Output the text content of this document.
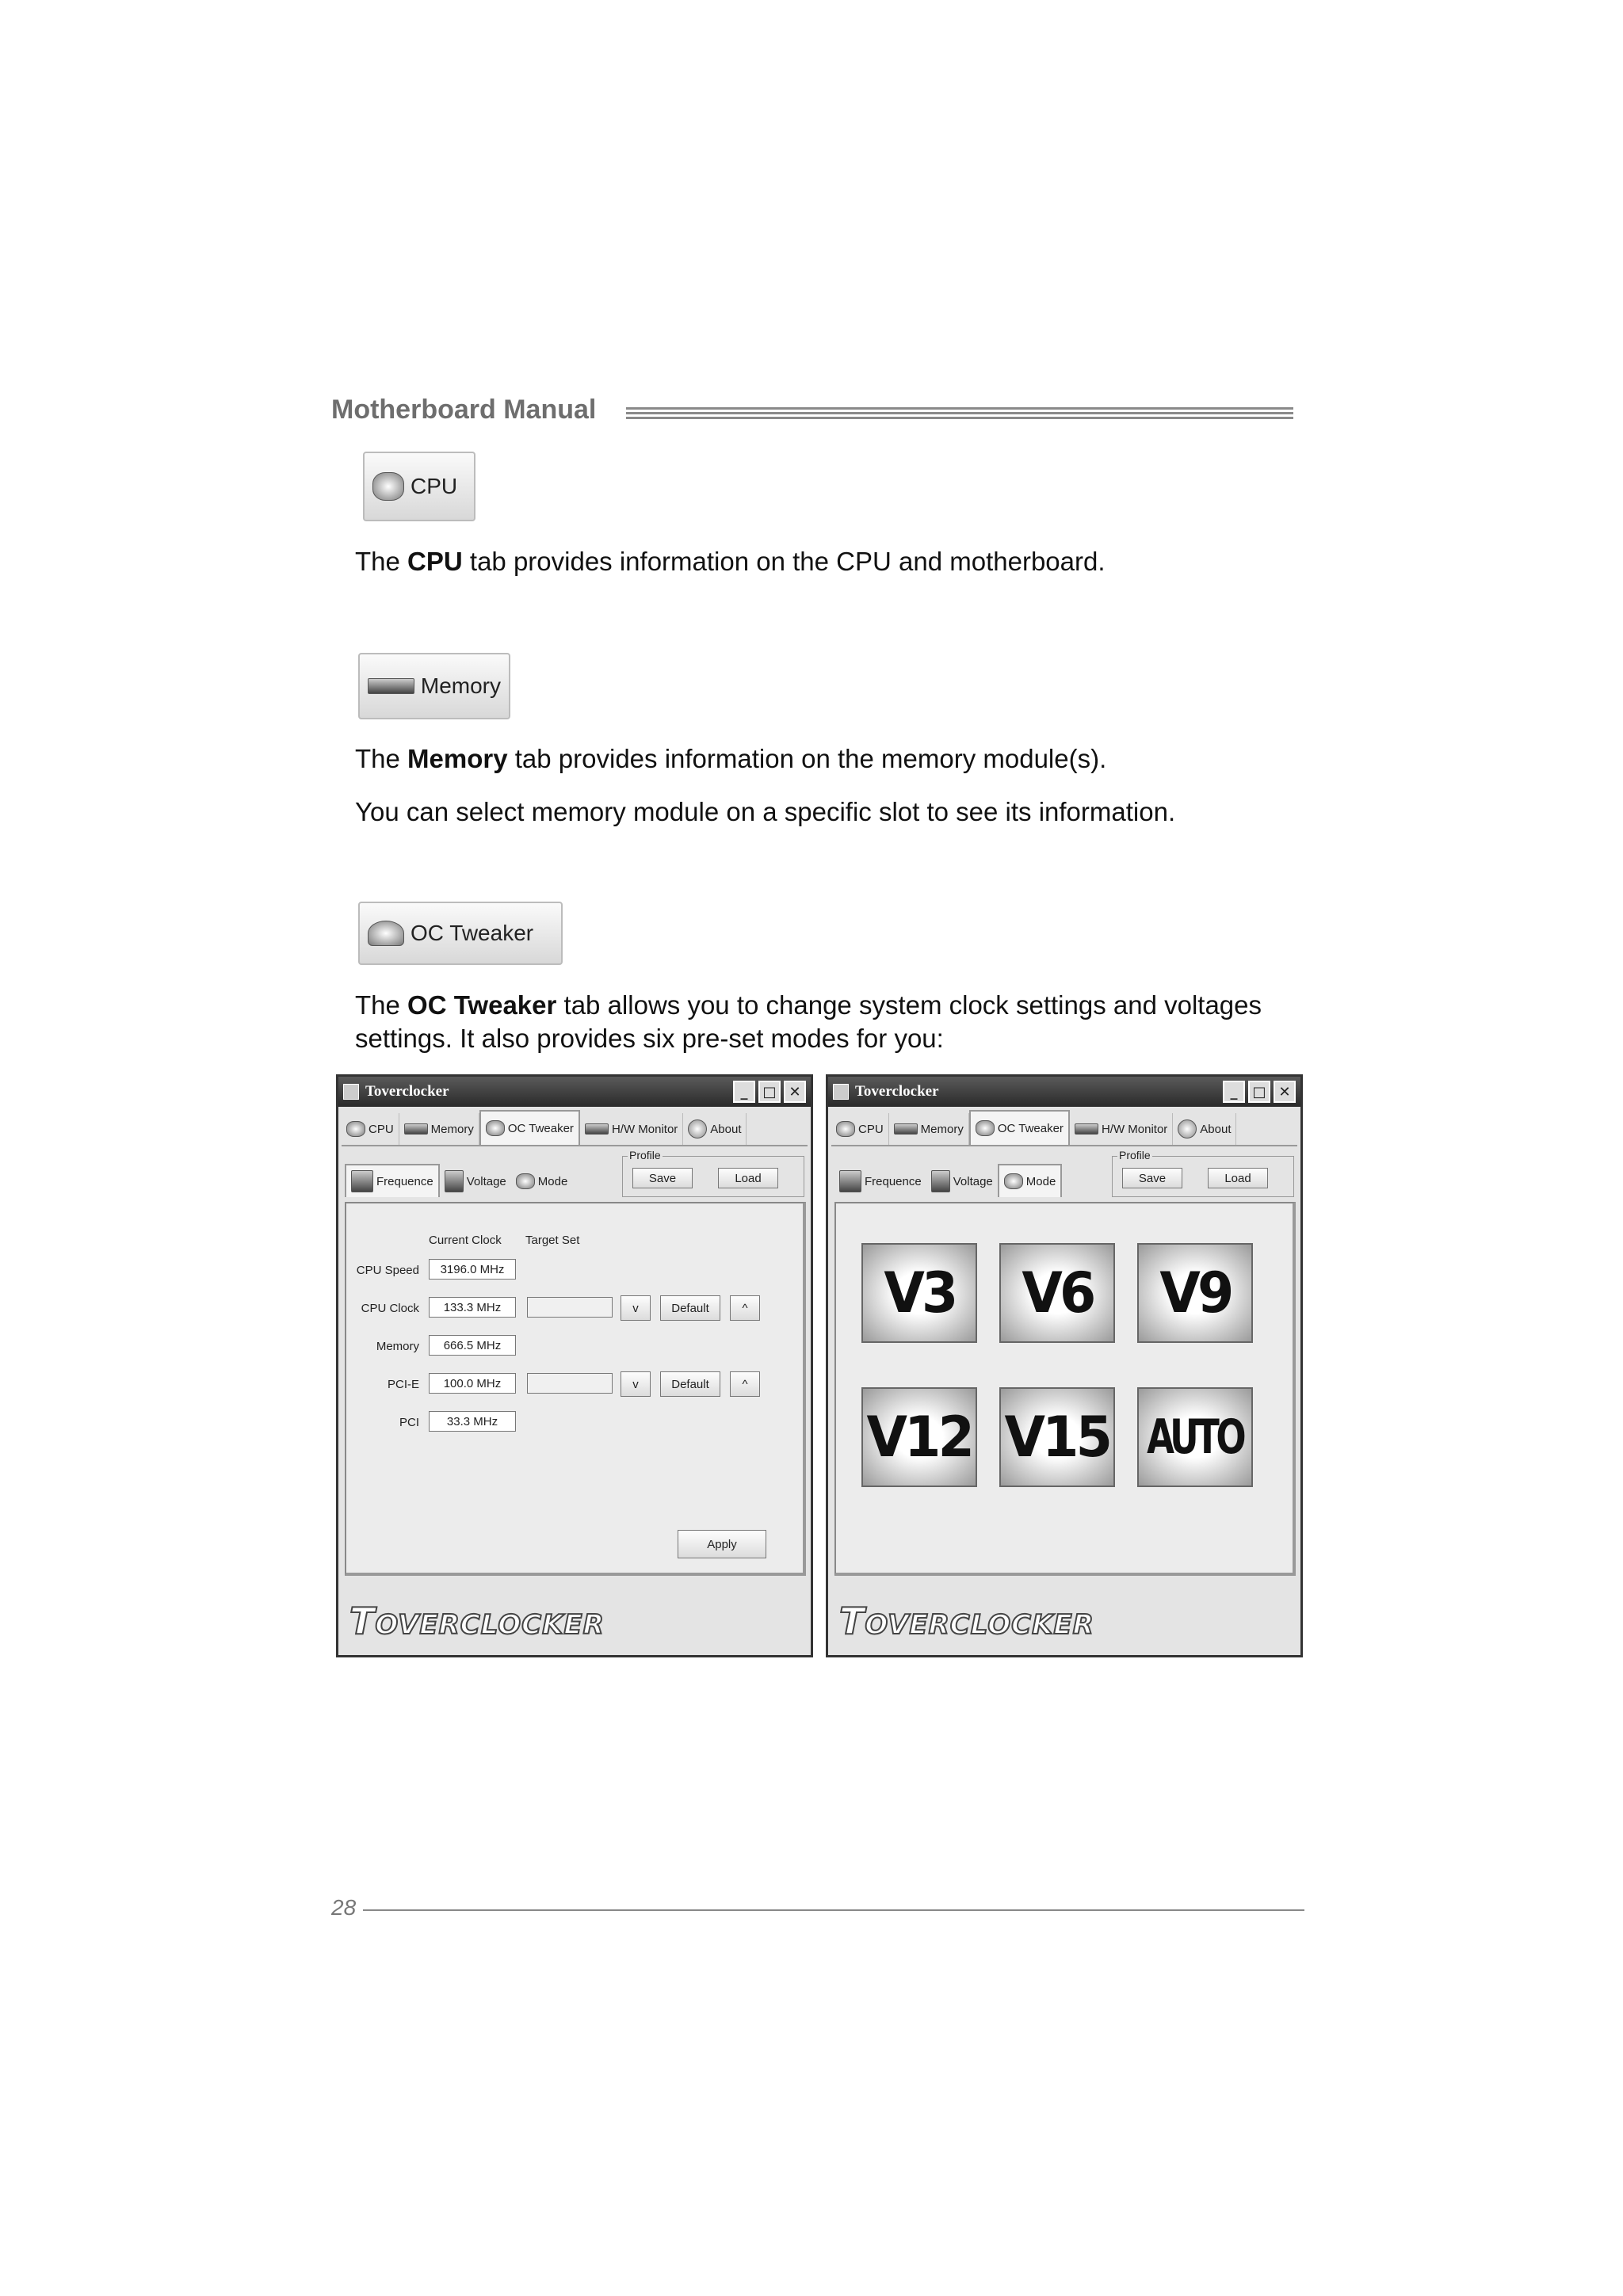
Motherboard Manual
CPU
The CPU tab provides information on the CPU and motherboard.
Memory
The Memory tab provides information on the memory module(s).
You can select memory module on a specific slot to see its information.
OC Tweaker
The OC Tweaker tab allows you to change system clock settings and voltages
settings. It also provides six pre-set modes for you:
Toverclocker	_	□ ✕
CPU	Memory	OC Tweaker	H/W Monitor	About
Frequence	Voltage	Mode
Profile
Save	Load
Current Clock Target Set
CPU Speed	3196.0 MHz
CPU Clock	133.3 MHz	v	Default	^
Memory	666.5 MHz
PCI-E	100.0 MHz	v	Default	^
PCI	33.3 MHz
Apply
TOVERCLOCKER
Toverclocker	_	□ ✕
CPU	Memory	OC Tweaker	H/W Monitor	About
Frequence	Voltage	Mode
Profile
Save	Load
V3 V6 V9
V12 V15 AUTO
TOVERCLOCKER
28
